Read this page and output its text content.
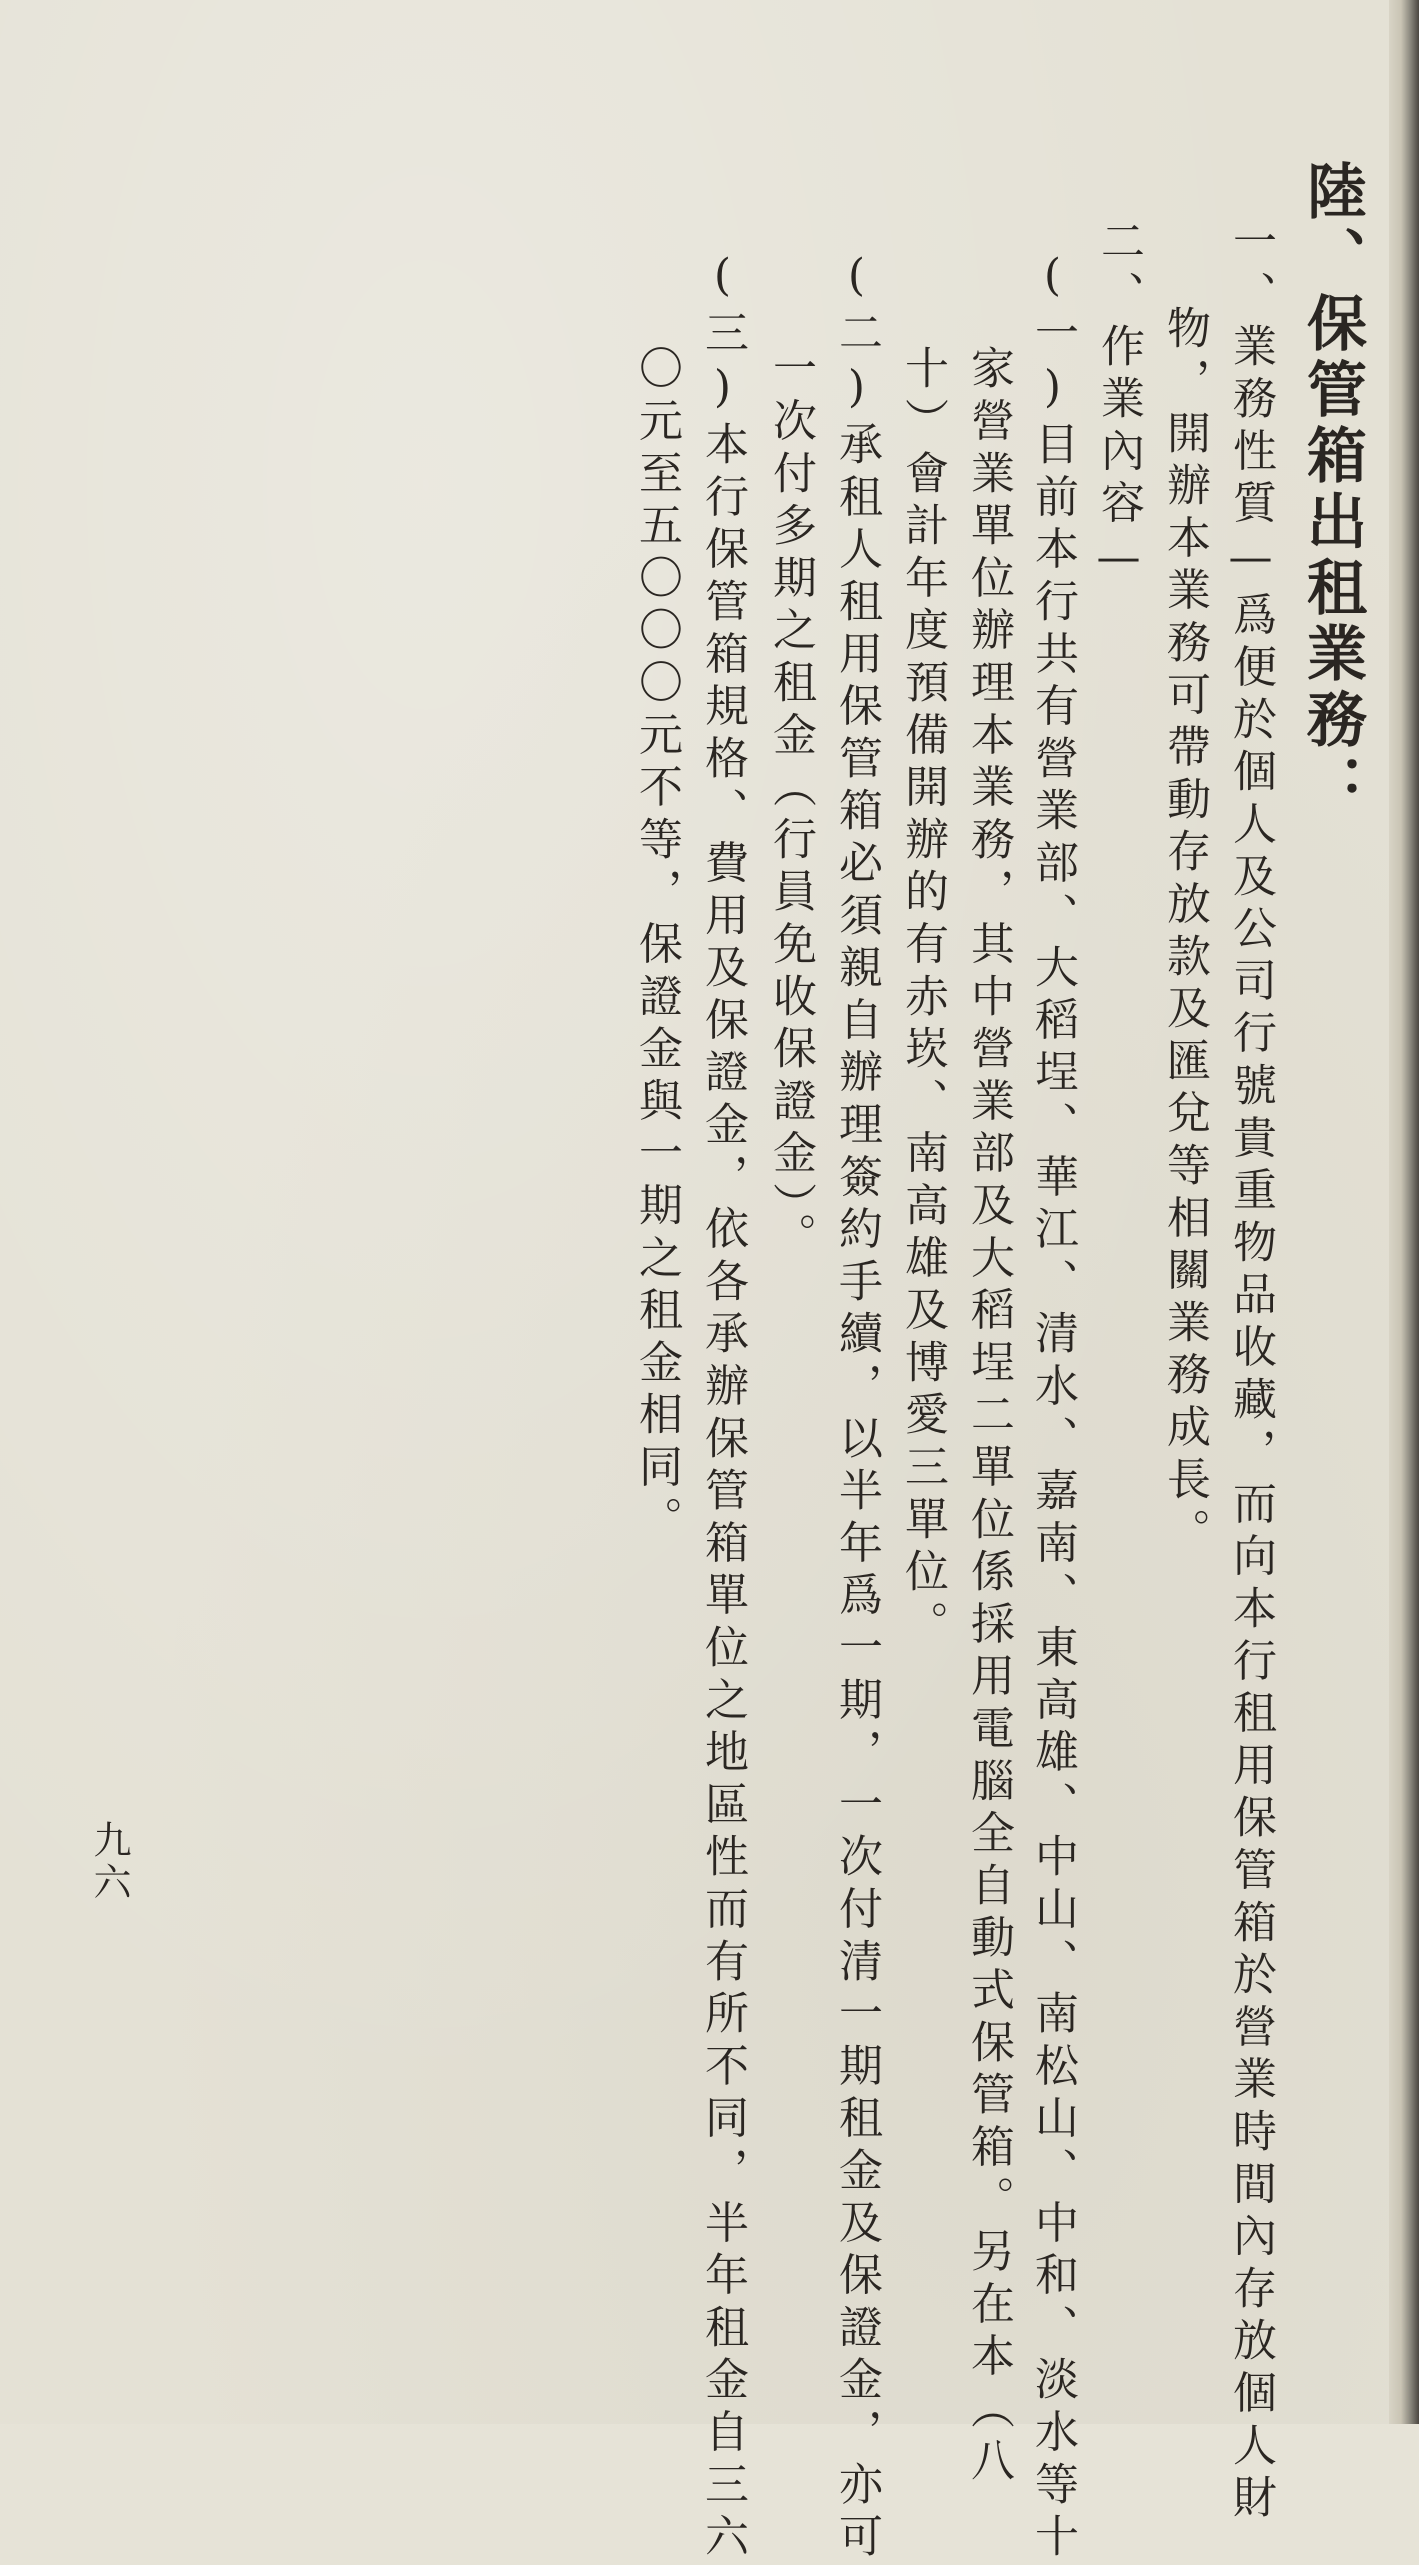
陸、保管箱出租業務：
一、業務性質—爲便於個人及公司行號貴重物品收藏，而向本行租用保管箱於營業時間內存放個人財
物，開辦本業務可帶動存放款及匯兌等相關業務成長。
二、作業內容—
(一)目前本行共有營業部、大稻埕、華江、清水、嘉南、東高雄、中山、南松山、中和、淡水等十
家營業單位辦理本業務，其中營業部及大稻埕二單位係採用電腦全自動式保管箱。另在本（八
十）會計年度預備開辦的有赤崁、南高雄及博愛三單位。
(二)承租人租用保管箱必須親自辦理簽約手續，以半年爲一期，一次付清一期租金及保證金，亦可
一次付多期之租金（行員免收保證金）。
(三)本行保管箱規格、費用及保證金，依各承辦保管箱單位之地區性而有所不同，半年租金自三六
〇元至五〇〇〇元不等，保證金與一期之租金相同。
九六
